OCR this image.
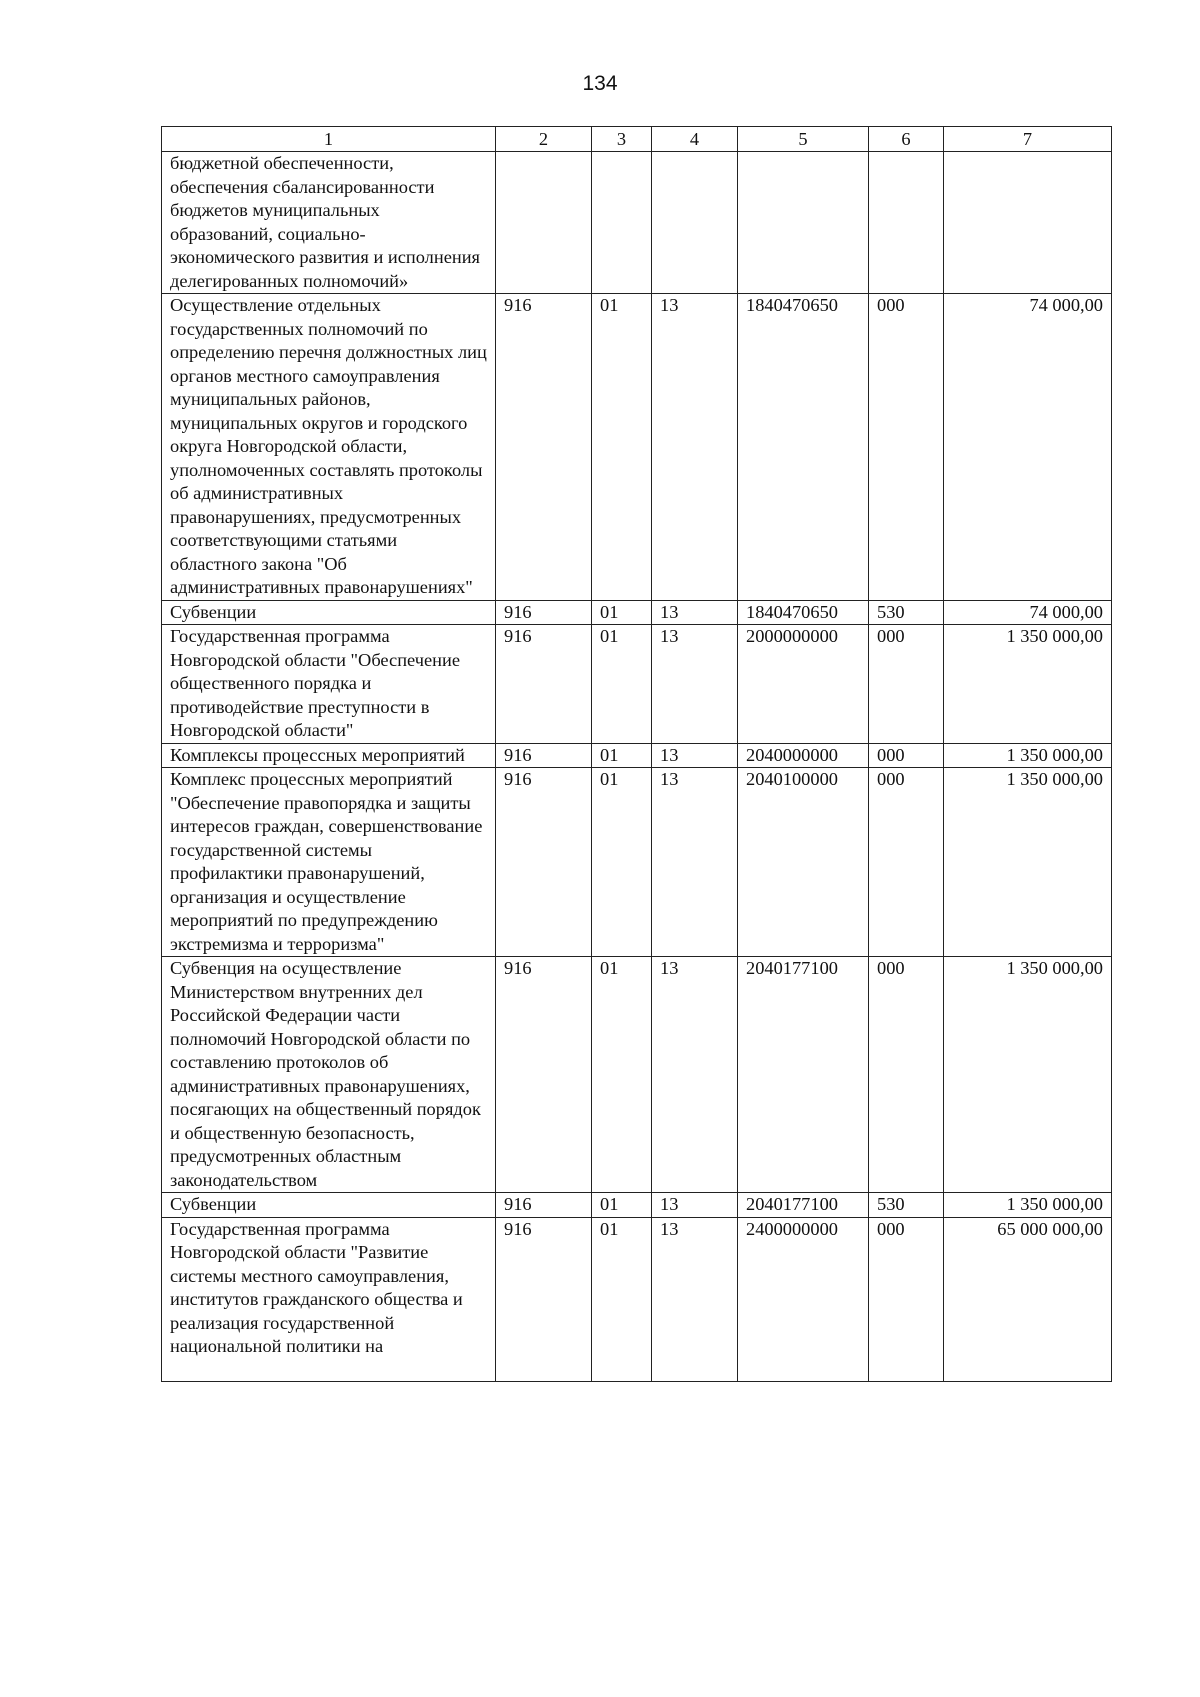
134
1	2	3	4	5	6	7
бюджетной обеспеченности, обеспечения сбалансированности бюджетов муниципальных образований, социально-экономического развития и исполнения делегированных полномочий»						
Осуществление отдельных государственных полномочий по определению перечня должностных лиц органов местного самоуправления муниципальных районов, муниципальных округов и городского округа Новгородской области, уполномоченных составлять протоколы об административных правонарушениях, предусмотренных соответствующими статьями областного закона "Об административных правонарушениях"	916	01	13	1840470650	000	74 000,00
Субвенции	916	01	13	1840470650	530	74 000,00
Государственная программа Новгородской области "Обеспечение общественного порядка и противодействие преступности в Новгородской области"	916	01	13	2000000000	000	1 350 000,00
Комплексы процессных мероприятий	916	01	13	2040000000	000	1 350 000,00
Комплекс процессных мероприятий "Обеспечение правопорядка и защиты интересов граждан, совершенствование государственной системы профилактики правонарушений, организация и осуществление мероприятий по предупреждению экстремизма и терроризма"	916	01	13	2040100000	000	1 350 000,00
Субвенция на осуществление Министерством внутренних дел Российской Федерации части полномочий Новгородской области по составлению протоколов об административных правонарушениях, посягающих на общественный порядок и общественную безопасность, предусмотренных областным законодательством	916	01	13	2040177100	000	1 350 000,00
Субвенции	916	01	13	2040177100	530	1 350 000,00
Государственная программа Новгородской области "Развитие системы местного самоуправления, институтов гражданского общества и реализация государственной национальной политики на	916	01	13	2400000000	000	65 000 000,00
